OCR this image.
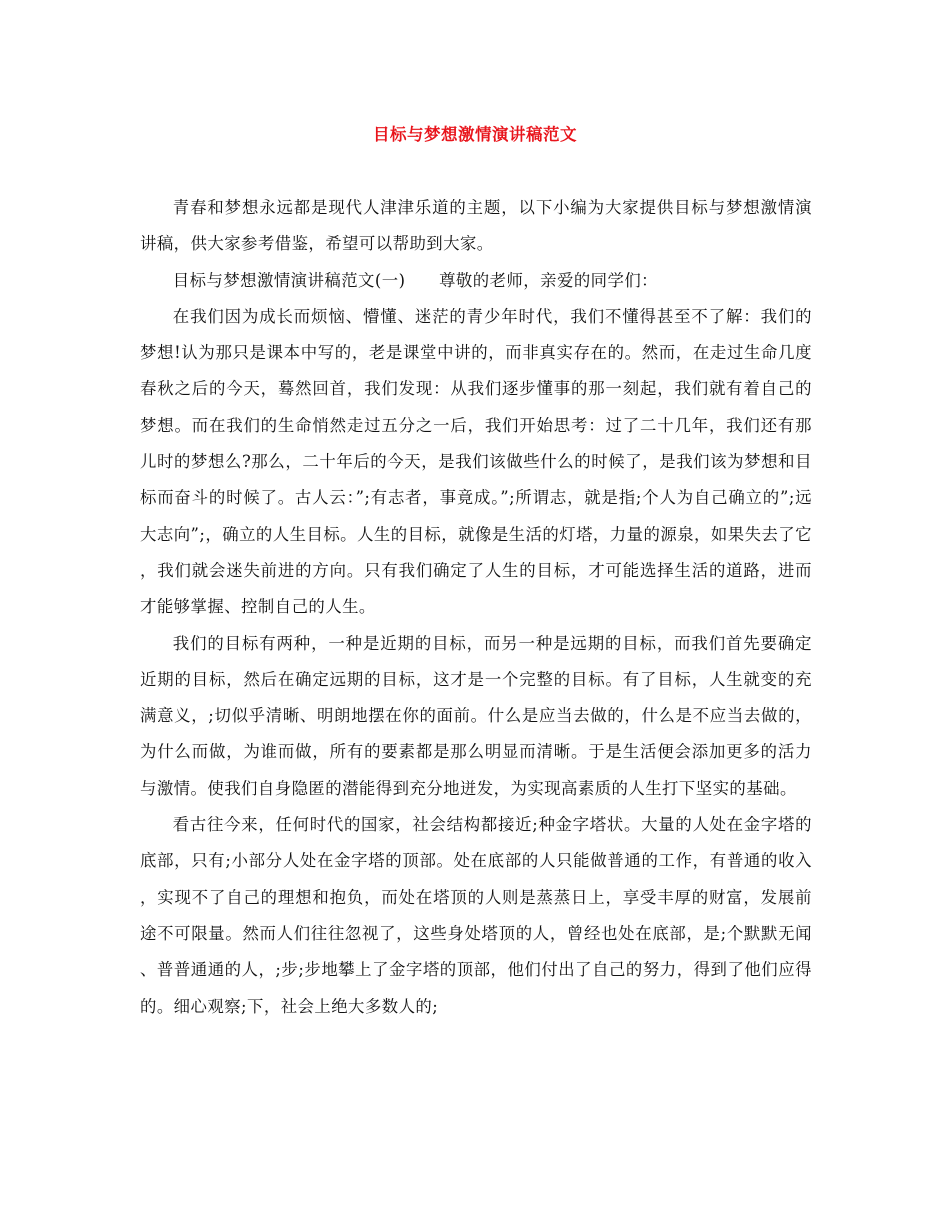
目标与梦想激情演讲稿范文

青春和梦想永远都是现代人津津乐道的主题，以下小编为大家提供目标与梦想激情演讲稿，供大家参考借鉴，希望可以帮助到大家。

目标与梦想激情演讲稿范文(一)　　尊敬的老师，亲爱的同学们：

在我们因为成长而烦恼、懵懂、迷茫的青少年时代，我们不懂得甚至不了解：我们的梦想!认为那只是课本中写的，老是课堂中讲的，而非真实存在的。然而，在走过生命几度春秋之后的今天，蓦然回首，我们发现：从我们逐步懂事的那一刻起，我们就有着自己的梦想。而在我们的生命悄然走过五分之一后，我们开始思考：过了二十几年，我们还有那儿时的梦想么?那么，二十年后的今天，是我们该做些什么的时候了，是我们该为梦想和目标而奋斗的时候了。古人云：”;有志者，事竟成。”;所谓志，就是指;个人为自己确立的”;远大志向”;，确立的人生目标。人生的目标，就像是生活的灯塔，力量的源泉，如果失去了它，我们就会迷失前进的方向。只有我们确定了人生的目标，才可能选择生活的道路，进而才能够掌握、控制自己的人生。

我们的目标有两种，一种是近期的目标，而另一种是远期的目标，而我们首先要确定近期的目标，然后在确定远期的目标，这才是一个完整的目标。有了目标，人生就变的充满意义，;切似乎清晰、明朗地摆在你的面前。什么是应当去做的，什么是不应当去做的，为什么而做，为谁而做，所有的要素都是那么明显而清晰。于是生活便会添加更多的活力与激情。使我们自身隐匿的潜能得到充分地迸发，为实现高素质的人生打下坚实的基础。

看古往今来，任何时代的国家，社会结构都接近;种金字塔状。大量的人处在金字塔的底部，只有;小部分人处在金字塔的顶部。处在底部的人只能做普通的工作，有普通的收入，实现不了自己的理想和抱负，而处在塔顶的人则是蒸蒸日上，享受丰厚的财富，发展前途不可限量。然而人们往往忽视了，这些身处塔顶的人，曾经也处在底部，是;个默默无闻、普普通通的人，;步;步地攀上了金字塔的顶部，他们付出了自己的努力，得到了他们应得的。细心观察;下，社会上绝大多数人的;
